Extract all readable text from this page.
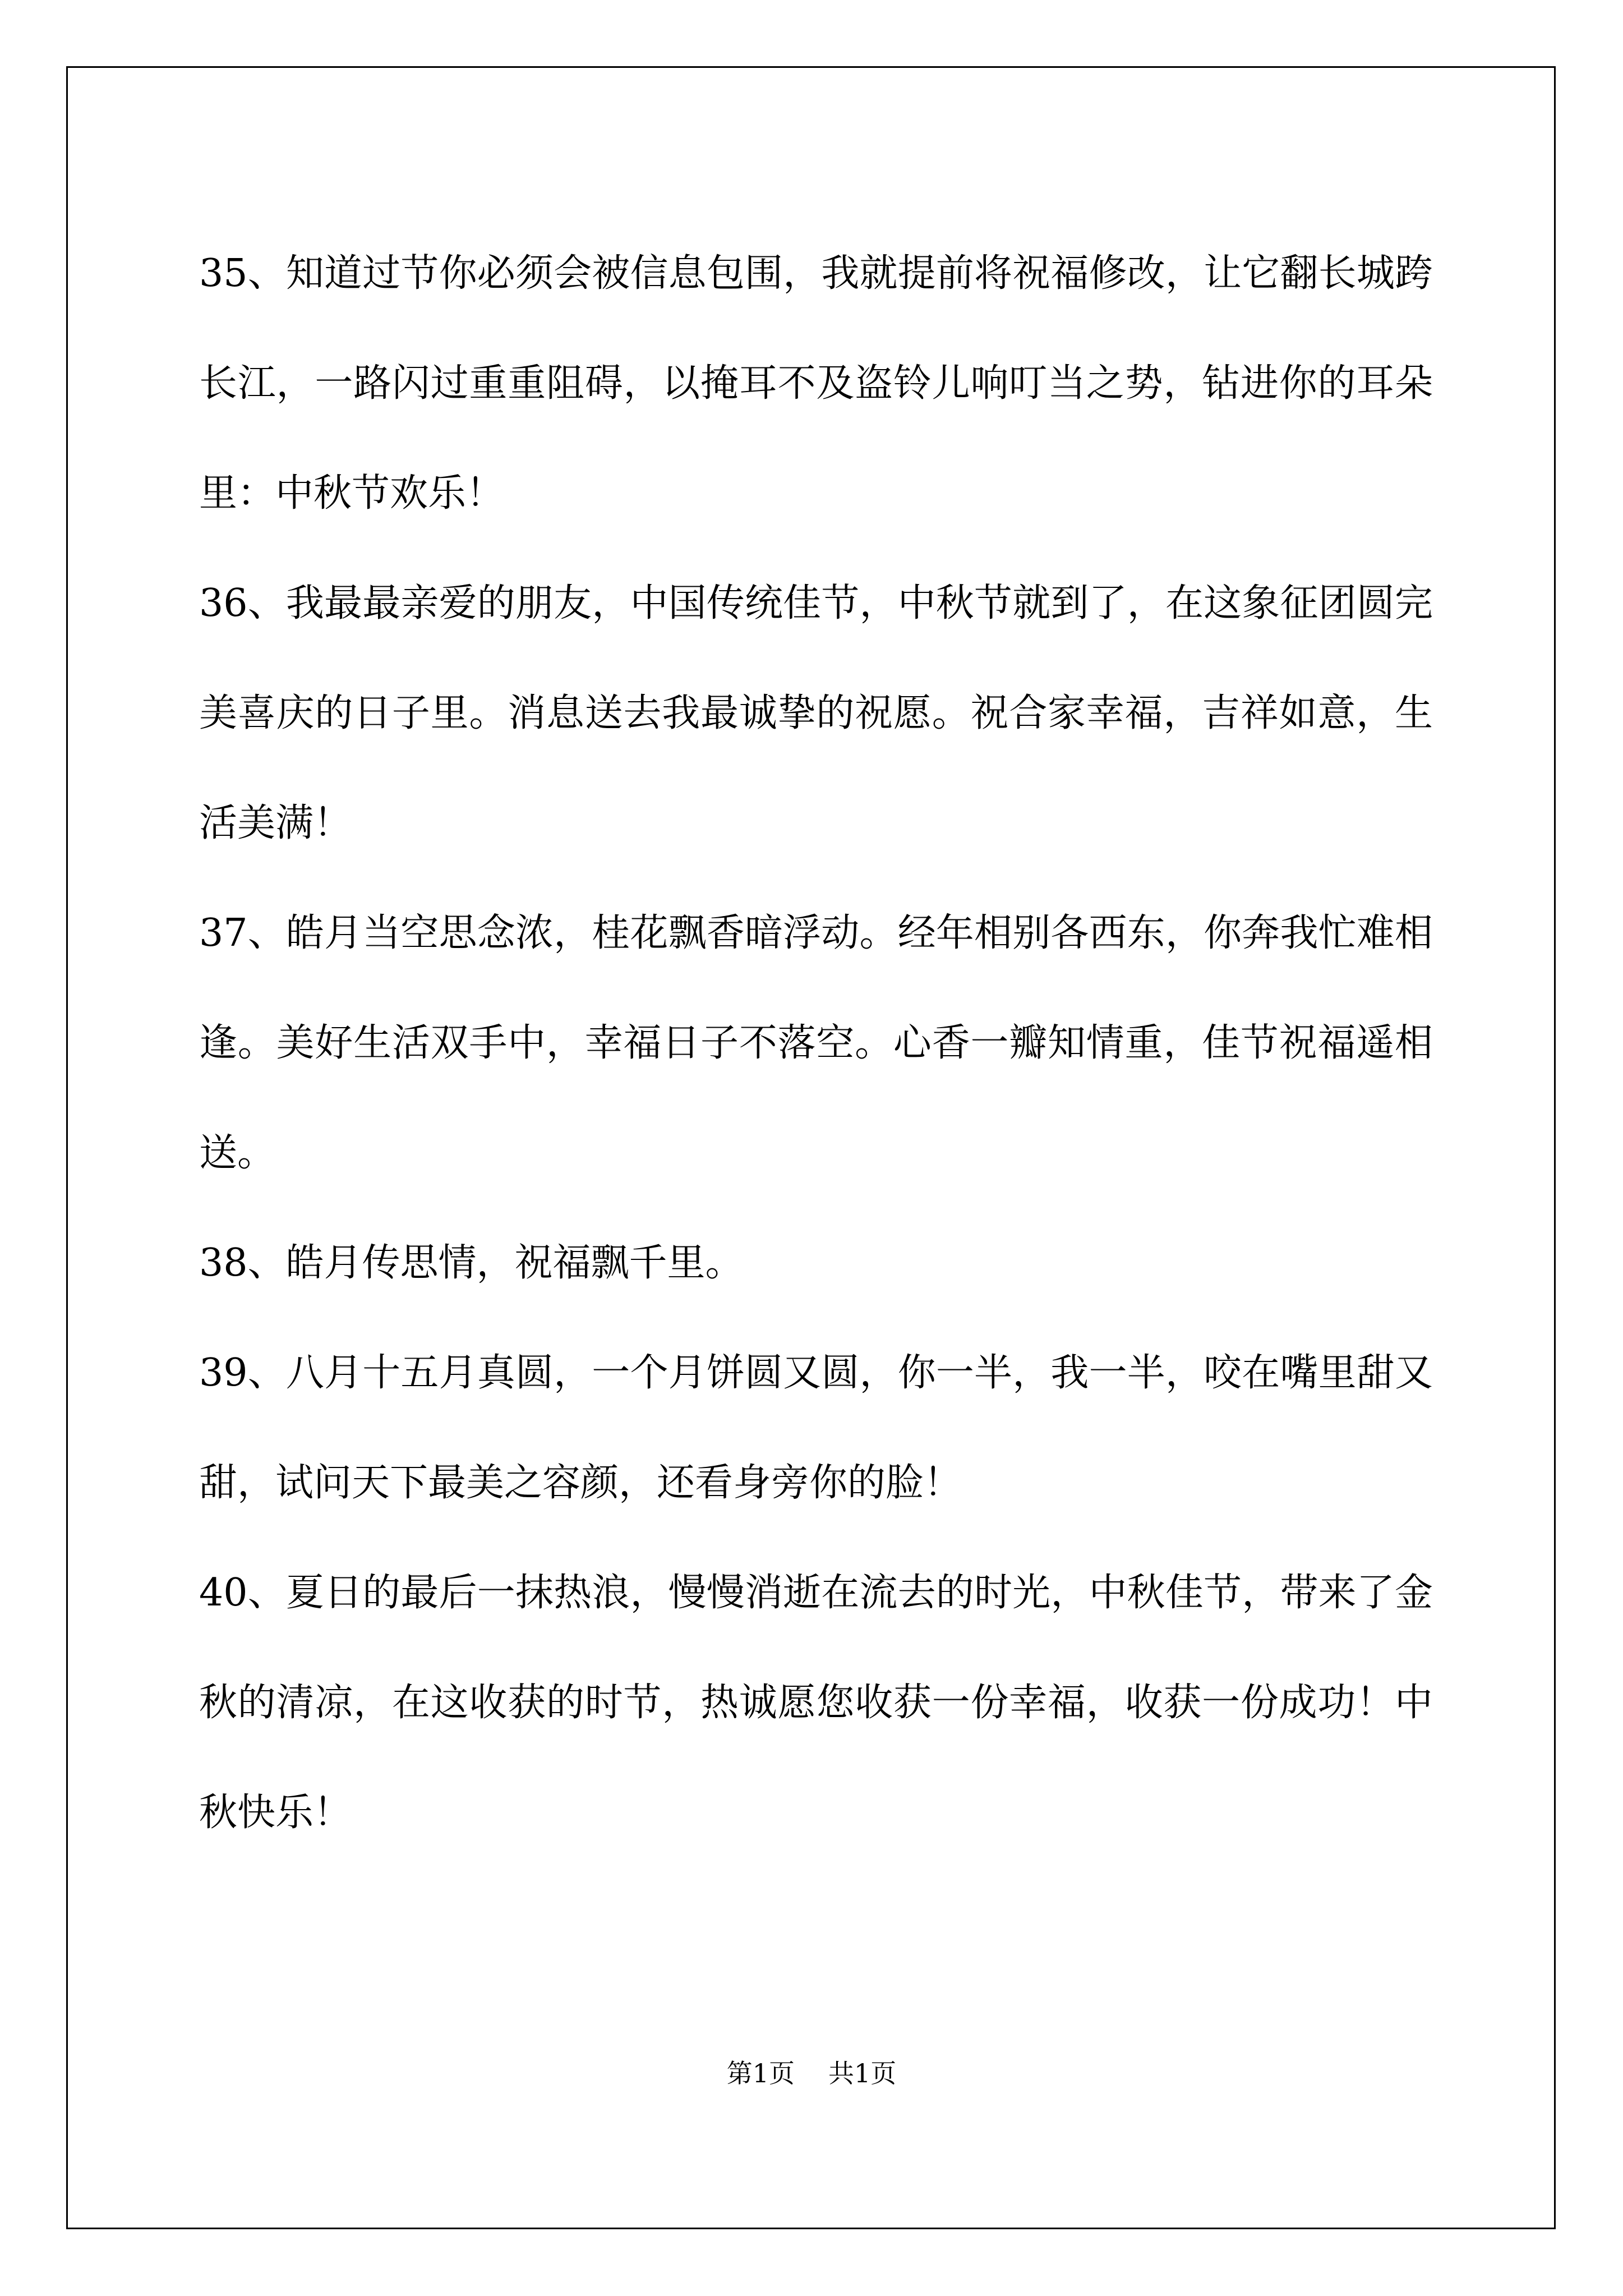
35、知道过节你必须会被信息包围，我就提前将祝福修改，让它翻长城跨长江，一路闪过重重阻碍，以掩耳不及盗铃儿响叮当之势，钻进你的耳朵里：中秋节欢乐！

36、我最最亲爱的朋友，中国传统佳节，中秋节就到了，在这象征团圆完美喜庆的日子里。消息送去我最诚挚的祝愿。祝合家幸福，吉祥如意，生活美满！

37、皓月当空思念浓，桂花飘香暗浮动。经年相别各西东，你奔我忙难相逢。美好生活双手中，幸福日子不落空。心香一瓣知情重，佳节祝福遥相送。

38、皓月传思情，祝福飘千里。

39、八月十五月真圆，一个月饼圆又圆，你一半，我一半，咬在嘴里甜又甜，试问天下最美之容颜，还看身旁你的脸！

40、夏日的最后一抹热浪，慢慢消逝在流去的时光，中秋佳节，带来了金秋的清凉，在这收获的时节，热诚愿您收获一份幸福，收获一份成功！中秋快乐！

第1页 共1页
